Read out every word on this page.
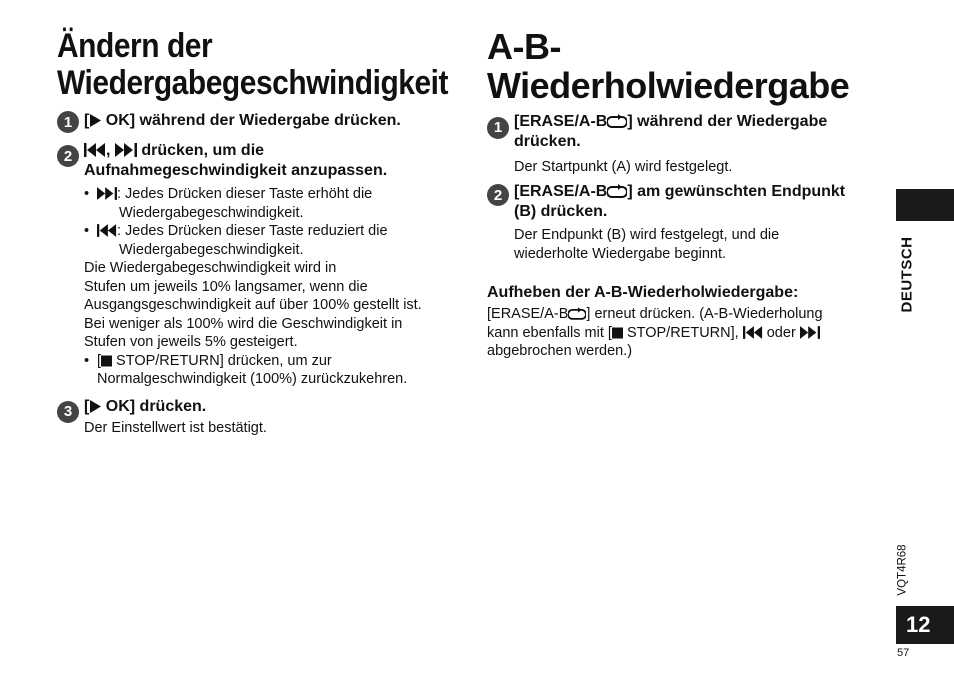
Ändern der
Wiedergabegeschwindigkeit
1 [ OK] während der Wiedergabe drücken.
2	,  drücken, um die
Aufnahmegeschwindigkeit anzupassen.
• : Jedes Drücken dieser Taste erhöht die
Wiedergabegeschwindigkeit.
• : Jedes Drücken dieser Taste reduziert die
Wiedergabegeschwindigkeit.
Die Wiedergabegeschwindigkeit wird in
Stufen um jeweils 10% langsamer, wenn die
Ausgangsgeschwindigkeit auf über 100% gestellt ist.
Bei weniger als 100% wird die Geschwindigkeit in
Stufen von jeweils 5% gesteigert.
• [ STOP/RETURN] drücken, um zur
Normalgeschwindigkeit (100%) zurückzukehren.
3 [ OK] drücken.
Der Einstellwert ist bestätigt.
A-B-
Wiederholwiedergabe
1 [ERASE/A-B ] während der Wiedergabe
drücken.
Der Startpunkt (A) wird festgelegt.
2 [ERASE/A-B ] am gewünschten Endpunkt
(B) drücken.
Der Endpunkt (B) wird festgelegt, und die
wiederholte Wiedergabe beginnt.
Aufheben der A-B-Wiederholwiedergabe:
[ERASE/A-B ] erneut drücken. (A-B-Wiederholung
kann ebenfalls mit [ STOP/RETURN],  oder
abgebrochen werden.)
DEUTSCH
VQT4R68
12
57
